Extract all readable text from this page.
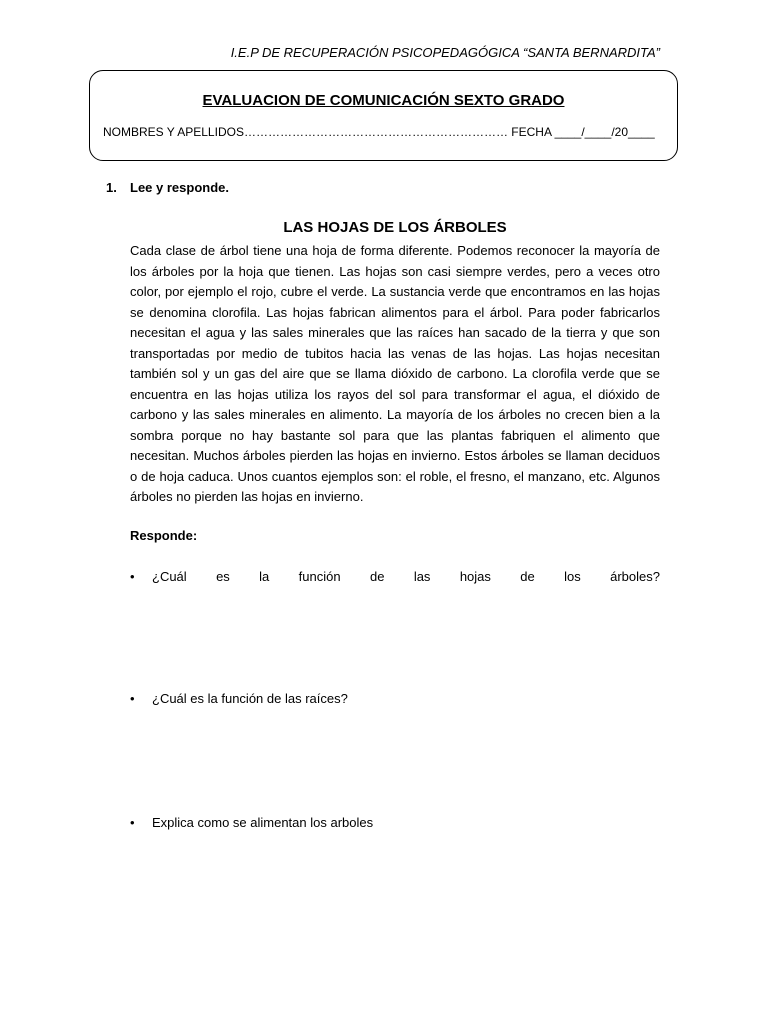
I.E.P DE RECUPERACIÓN PSICOPEDAGÓGICA “SANTA BERNARDITA”
EVALUACION DE COMUNICACIÓN SEXTO GRADO
NOMBRES Y APELLIDOS………………………………………………………… FECHA ____/____/20____
1. Lee y responde.
LAS HOJAS DE LOS ÁRBOLES

Cada clase de árbol tiene una hoja de forma diferente. Podemos reconocer la mayoría de los árboles por la hoja que tienen. Las hojas son casi siempre verdes, pero a veces otro color, por ejemplo el rojo, cubre el verde. La sustancia verde que encontramos en las hojas se denomina clorofila. Las hojas fabrican alimentos para el árbol. Para poder fabricarlos necesitan el agua y las sales minerales que las raíces han sacado de la tierra y que son transportadas por medio de tubitos hacia las venas de las hojas. Las hojas necesitan también sol y un gas del aire que se llama dióxido de carbono. La clorofila verde que se encuentra en las hojas utiliza los rayos del sol para transformar el agua, el dióxido de carbono y las sales minerales en alimento. La mayoría de los árboles no crecen bien a la sombra porque no hay bastante sol para que las plantas fabriquen el alimento que necesitan. Muchos árboles pierden las hojas en invierno. Estos árboles se llaman deciduos o de hoja caduca. Unos cuantos ejemplos son: el roble, el fresno, el manzano, etc. Algunos árboles no pierden las hojas en invierno.

Responde:
•	¿Cuál es la función de las hojas de los árboles?
•	¿Cuál es la función de las raíces?
•	Explica como se alimentan los arboles
